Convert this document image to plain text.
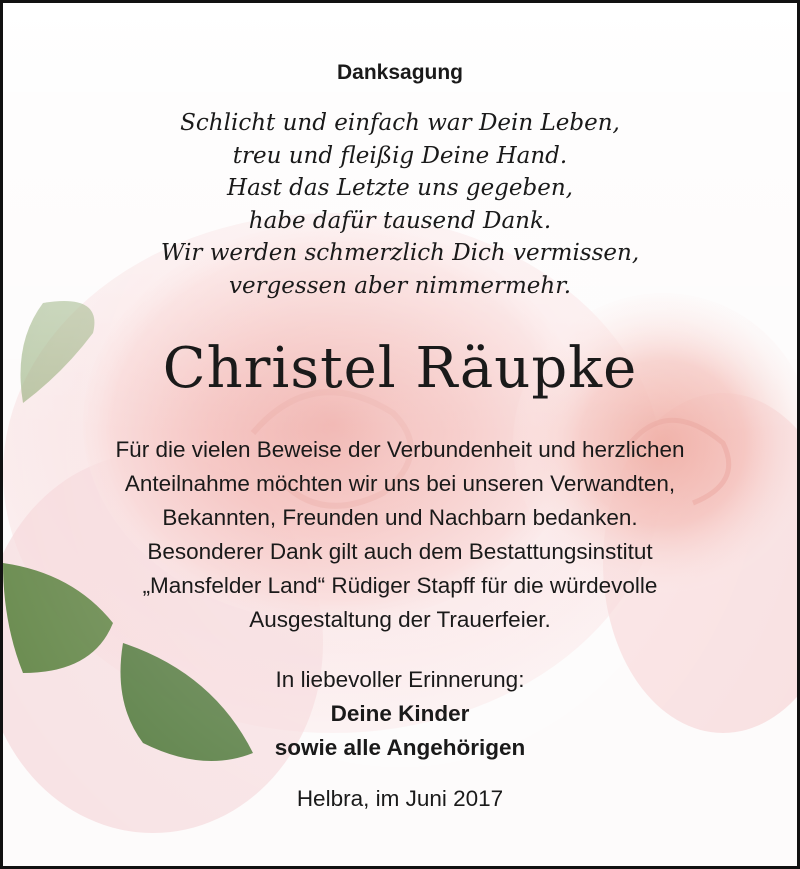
Danksagung
Schlicht und einfach war Dein Leben,
treu und fleißig Deine Hand.
Hast das Letzte uns gegeben,
habe dafür tausend Dank.
Wir werden schmerzlich Dich vermissen,
vergessen aber nimmermehr.
Christel Räupke
Für die vielen Beweise der Verbundenheit und herzlichen
Anteilnahme möchten wir uns bei unseren Verwandten,
Bekannten, Freunden und Nachbarn bedanken.
Besonderer Dank gilt auch dem Bestattungsinstitut
„Mansfelder Land“ Rüdiger Stapff für die würdevolle
Ausgestaltung der Trauerfeier.
In liebevoller Erinnerung:
Deine Kinder
sowie alle Angehörigen
Helbra, im Juni 2017
